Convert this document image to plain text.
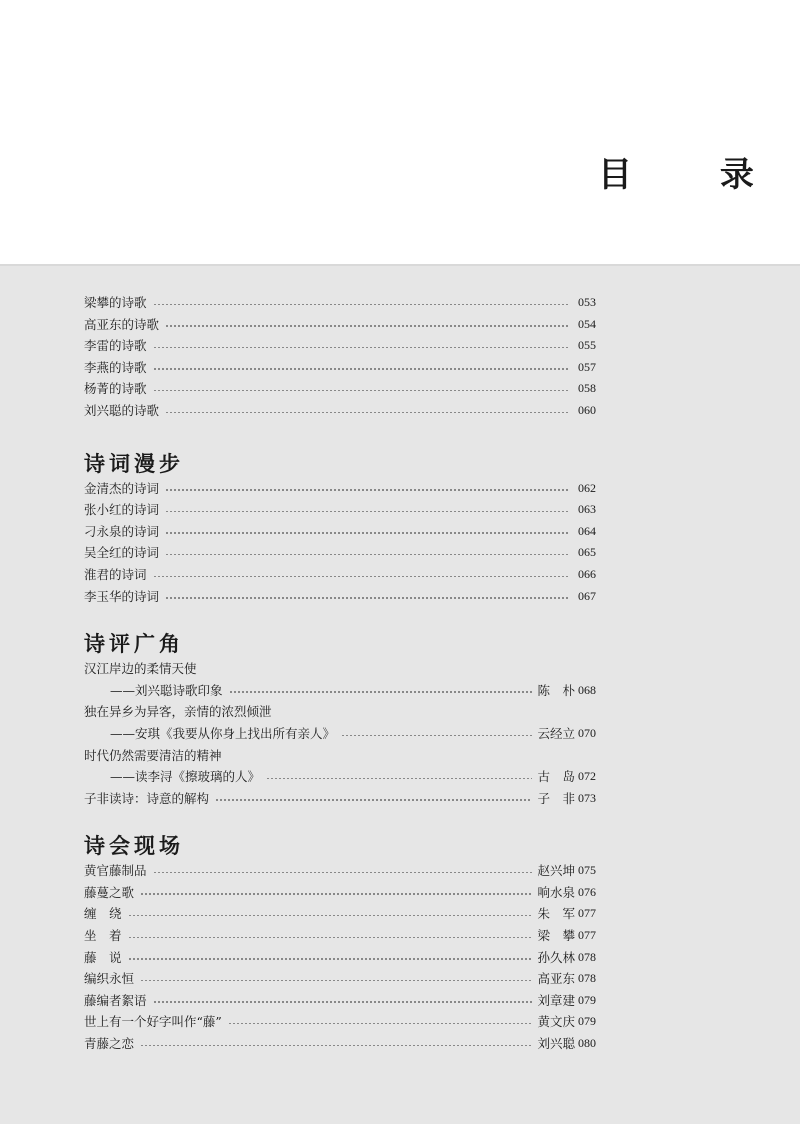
目 录
梁攀的诗歌	053
高亚东的诗歌	054
李雷的诗歌	055
李燕的诗歌	057
杨菁的诗歌	058
刘兴聪的诗歌	060
诗词漫步
金清杰的诗词	062
张小红的诗词	063
刁永泉的诗词	064
吴全红的诗词	065
淮君的诗词	066
李玉华的诗词	067
诗评广角
汉江岸边的柔情天使
——刘兴聪诗歌印象	陈　朴 068
独在异乡为异客，亲情的浓烈倾泄
——安琪《我要从你身上找出所有亲人》	云经立 070
时代仍然需要清洁的精神
——读李浔《擦玻璃的人》	古　岛 072
子非读诗：诗意的解构	子　非 073
诗会现场
黄官藤制品	赵兴坤 075
藤蔓之歌	响水泉 076
缠　绕	朱　军 077
坐　着	梁　攀 077
藤　说	孙久林 078
编织永恒	高亚东 078
藤编者絮语	刘章建 079
世上有一个好字叫作“藤”	黄文庆 079
青藤之恋	刘兴聪 080
